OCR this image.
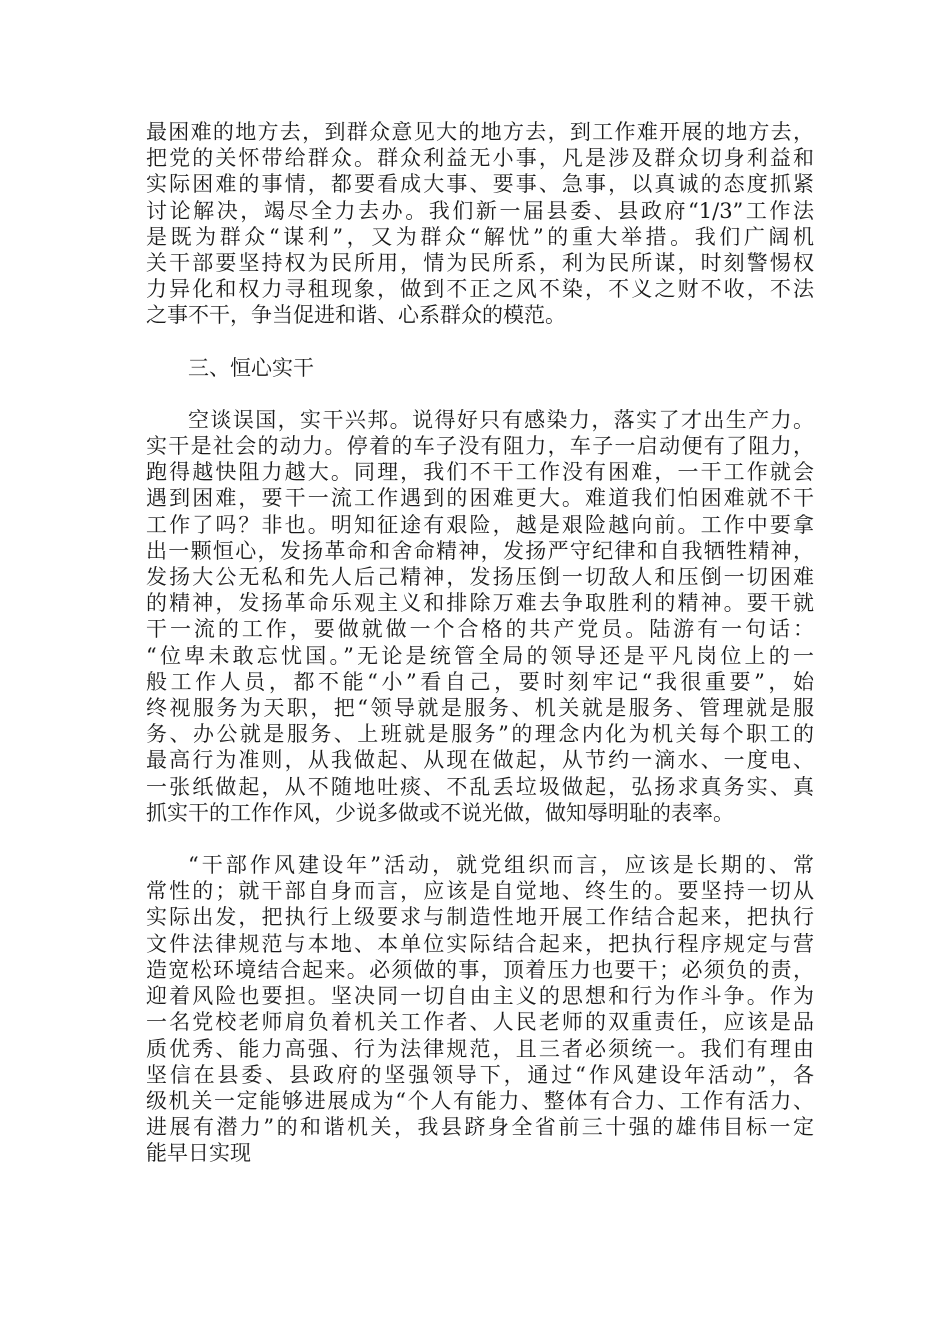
最困难的地方去，到群众意见大的地方去，到工作难开展的地方去，
把党的关怀带给群众。群众利益无小事，凡是涉及群众切身利益和
实际困难的事情，都要看成大事、要事、急事，以真诚的态度抓紧
讨论解决，竭尽全力去办。我们新一届县委、县政府“1/3”工作法
是既为群众“谋利”，又为群众“解忧”的重大举措。我们广阔机
关干部要坚持权为民所用，情为民所系，利为民所谋，时刻警惕权
力异化和权力寻租现象，做到不正之风不染，不义之财不收，不法
之事不干，争当促进和谐、心系群众的模范。
三、恒心实干
空谈误国，实干兴邦。说得好只有感染力，落实了才出生产力。
实干是社会的动力。停着的车子没有阻力，车子一启动便有了阻力，
跑得越快阻力越大。同理，我们不干工作没有困难，一干工作就会
遇到困难，要干一流工作遇到的困难更大。难道我们怕困难就不干
工作了吗？非也。明知征途有艰险，越是艰险越向前。工作中要拿
出一颗恒心，发扬革命和舍命精神，发扬严守纪律和自我牺牲精神，
发扬大公无私和先人后己精神，发扬压倒一切敌人和压倒一切困难
的精神，发扬革命乐观主义和排除万难去争取胜利的精神。要干就
干一流的工作，要做就做一个合格的共产党员。陆游有一句话：
“位卑未敢忘忧国。”无论是统管全局的领导还是平凡岗位上的一
般工作人员，都不能“小”看自己，要时刻牢记“我很重要”，始
终视服务为天职，把“领导就是服务、机关就是服务、管理就是服
务、办公就是服务、上班就是服务”的理念内化为机关每个职工的
最高行为准则，从我做起、从现在做起，从节约一滴水、一度电、
一张纸做起，从不随地吐痰、不乱丢垃圾做起，弘扬求真务实、真
抓实干的工作作风，少说多做或不说光做，做知辱明耻的表率。
“干部作风建设年”活动，就党组织而言，应该是长期的、常
常性的；就干部自身而言，应该是自觉地、终生的。要坚持一切从
实际出发，把执行上级要求与制造性地开展工作结合起来，把执行
文件法律规范与本地、本单位实际结合起来，把执行程序规定与营
造宽松环境结合起来。必须做的事，顶着压力也要干；必须负的责，
迎着风险也要担。坚决同一切自由主义的思想和行为作斗争。作为
一名党校老师肩负着机关工作者、人民老师的双重责任，应该是品
质优秀、能力高强、行为法律规范，且三者必须统一。我们有理由
坚信在县委、县政府的坚强领导下，通过“作风建设年活动”，各
级机关一定能够进展成为“个人有能力、整体有合力、工作有活力、
进展有潜力”的和谐机关，我县跻身全省前三十强的雄伟目标一定
能早日实现
